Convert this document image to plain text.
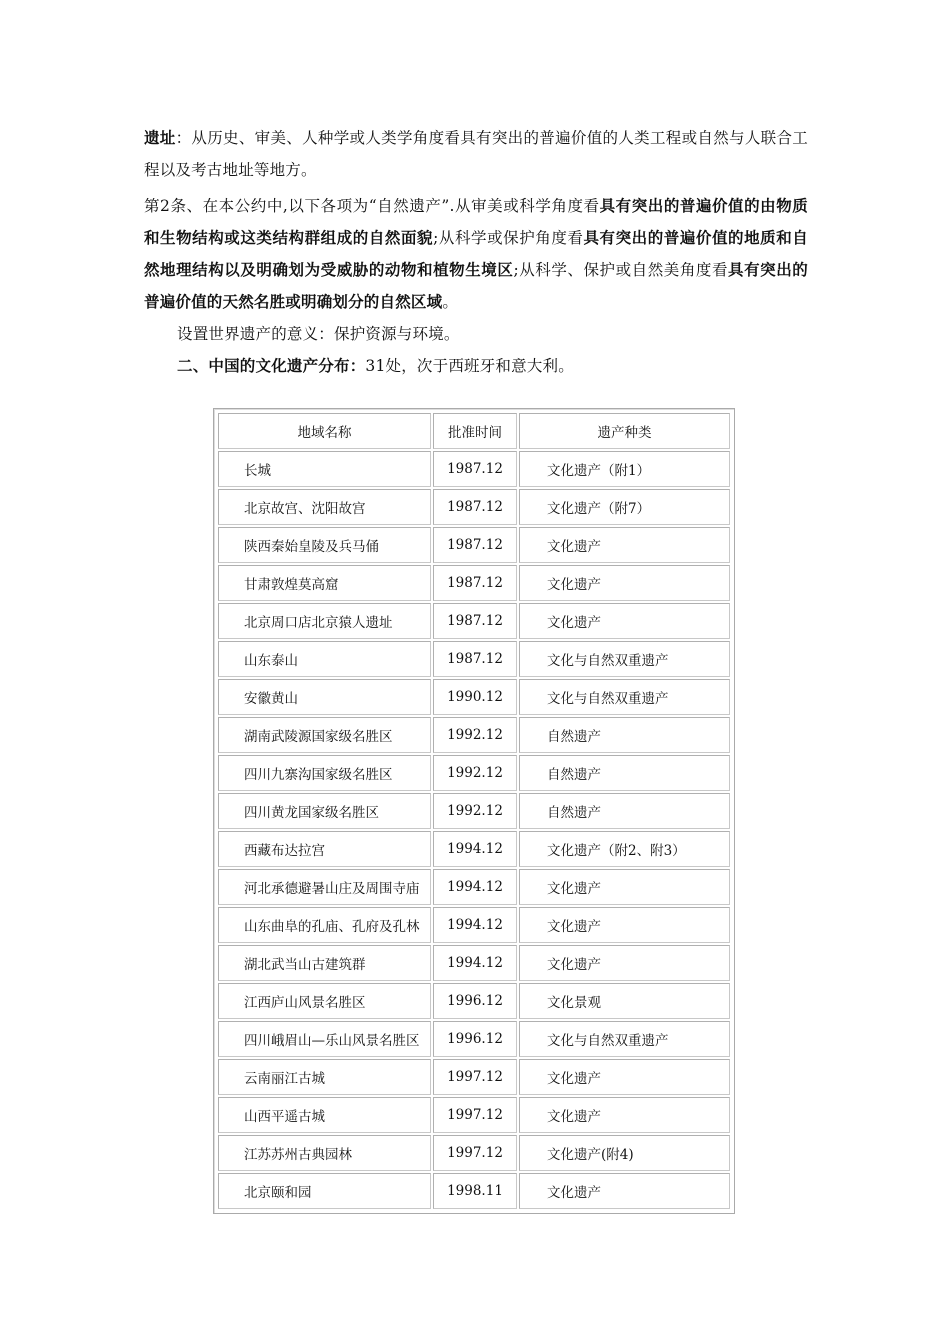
遗址：从历史、审美、人种学或人类学角度看具有突出的普遍价值的人类工程或自然与人联合工程以及考古地址等地方。

第2条、在本公约中,以下各项为“自然遗产”.从审美或科学角度看具有突出的普遍价值的由物质和生物结构或这类结构群组成的自然面貌;从科学或保护角度看具有突出的普遍价值的地质和自然地理结构以及明确划为受威胁的动物和植物生境区;从科学、保护或自然美角度看具有突出的普遍价值的天然名胜或明确划分的自然区域。

设置世界遗产的意义：保护资源与环境。

二、中国的文化遗产分布：31处，次于西班牙和意大利。

地域名称	批准时间	遗产种类
长城	1987.12	文化遗产（附1）
北京故宫、沈阳故宫	1987.12	文化遗产（附7）
陕西秦始皇陵及兵马俑	1987.12	文化遗产
甘肃敦煌莫高窟	1987.12	文化遗产
北京周口店北京猿人遗址	1987.12	文化遗产
山东泰山	1987.12	文化与自然双重遗产
安徽黄山	1990.12	文化与自然双重遗产
湖南武陵源国家级名胜区	1992.12	自然遗产
四川九寨沟国家级名胜区	1992.12	自然遗产
四川黄龙国家级名胜区	1992.12	自然遗产
西藏布达拉宫	1994.12	文化遗产（附2、附3）
河北承德避暑山庄及周围寺庙	1994.12	文化遗产
山东曲阜的孔庙、孔府及孔林	1994.12	文化遗产
湖北武当山古建筑群	1994.12	文化遗产
江西庐山风景名胜区	1996.12	文化景观
四川峨眉山—乐山风景名胜区	1996.12	文化与自然双重遗产
云南丽江古城	1997.12	文化遗产
山西平遥古城	1997.12	文化遗产
江苏苏州古典园林	1997.12	文化遗产(附4)
北京颐和园	1998.11	文化遗产
